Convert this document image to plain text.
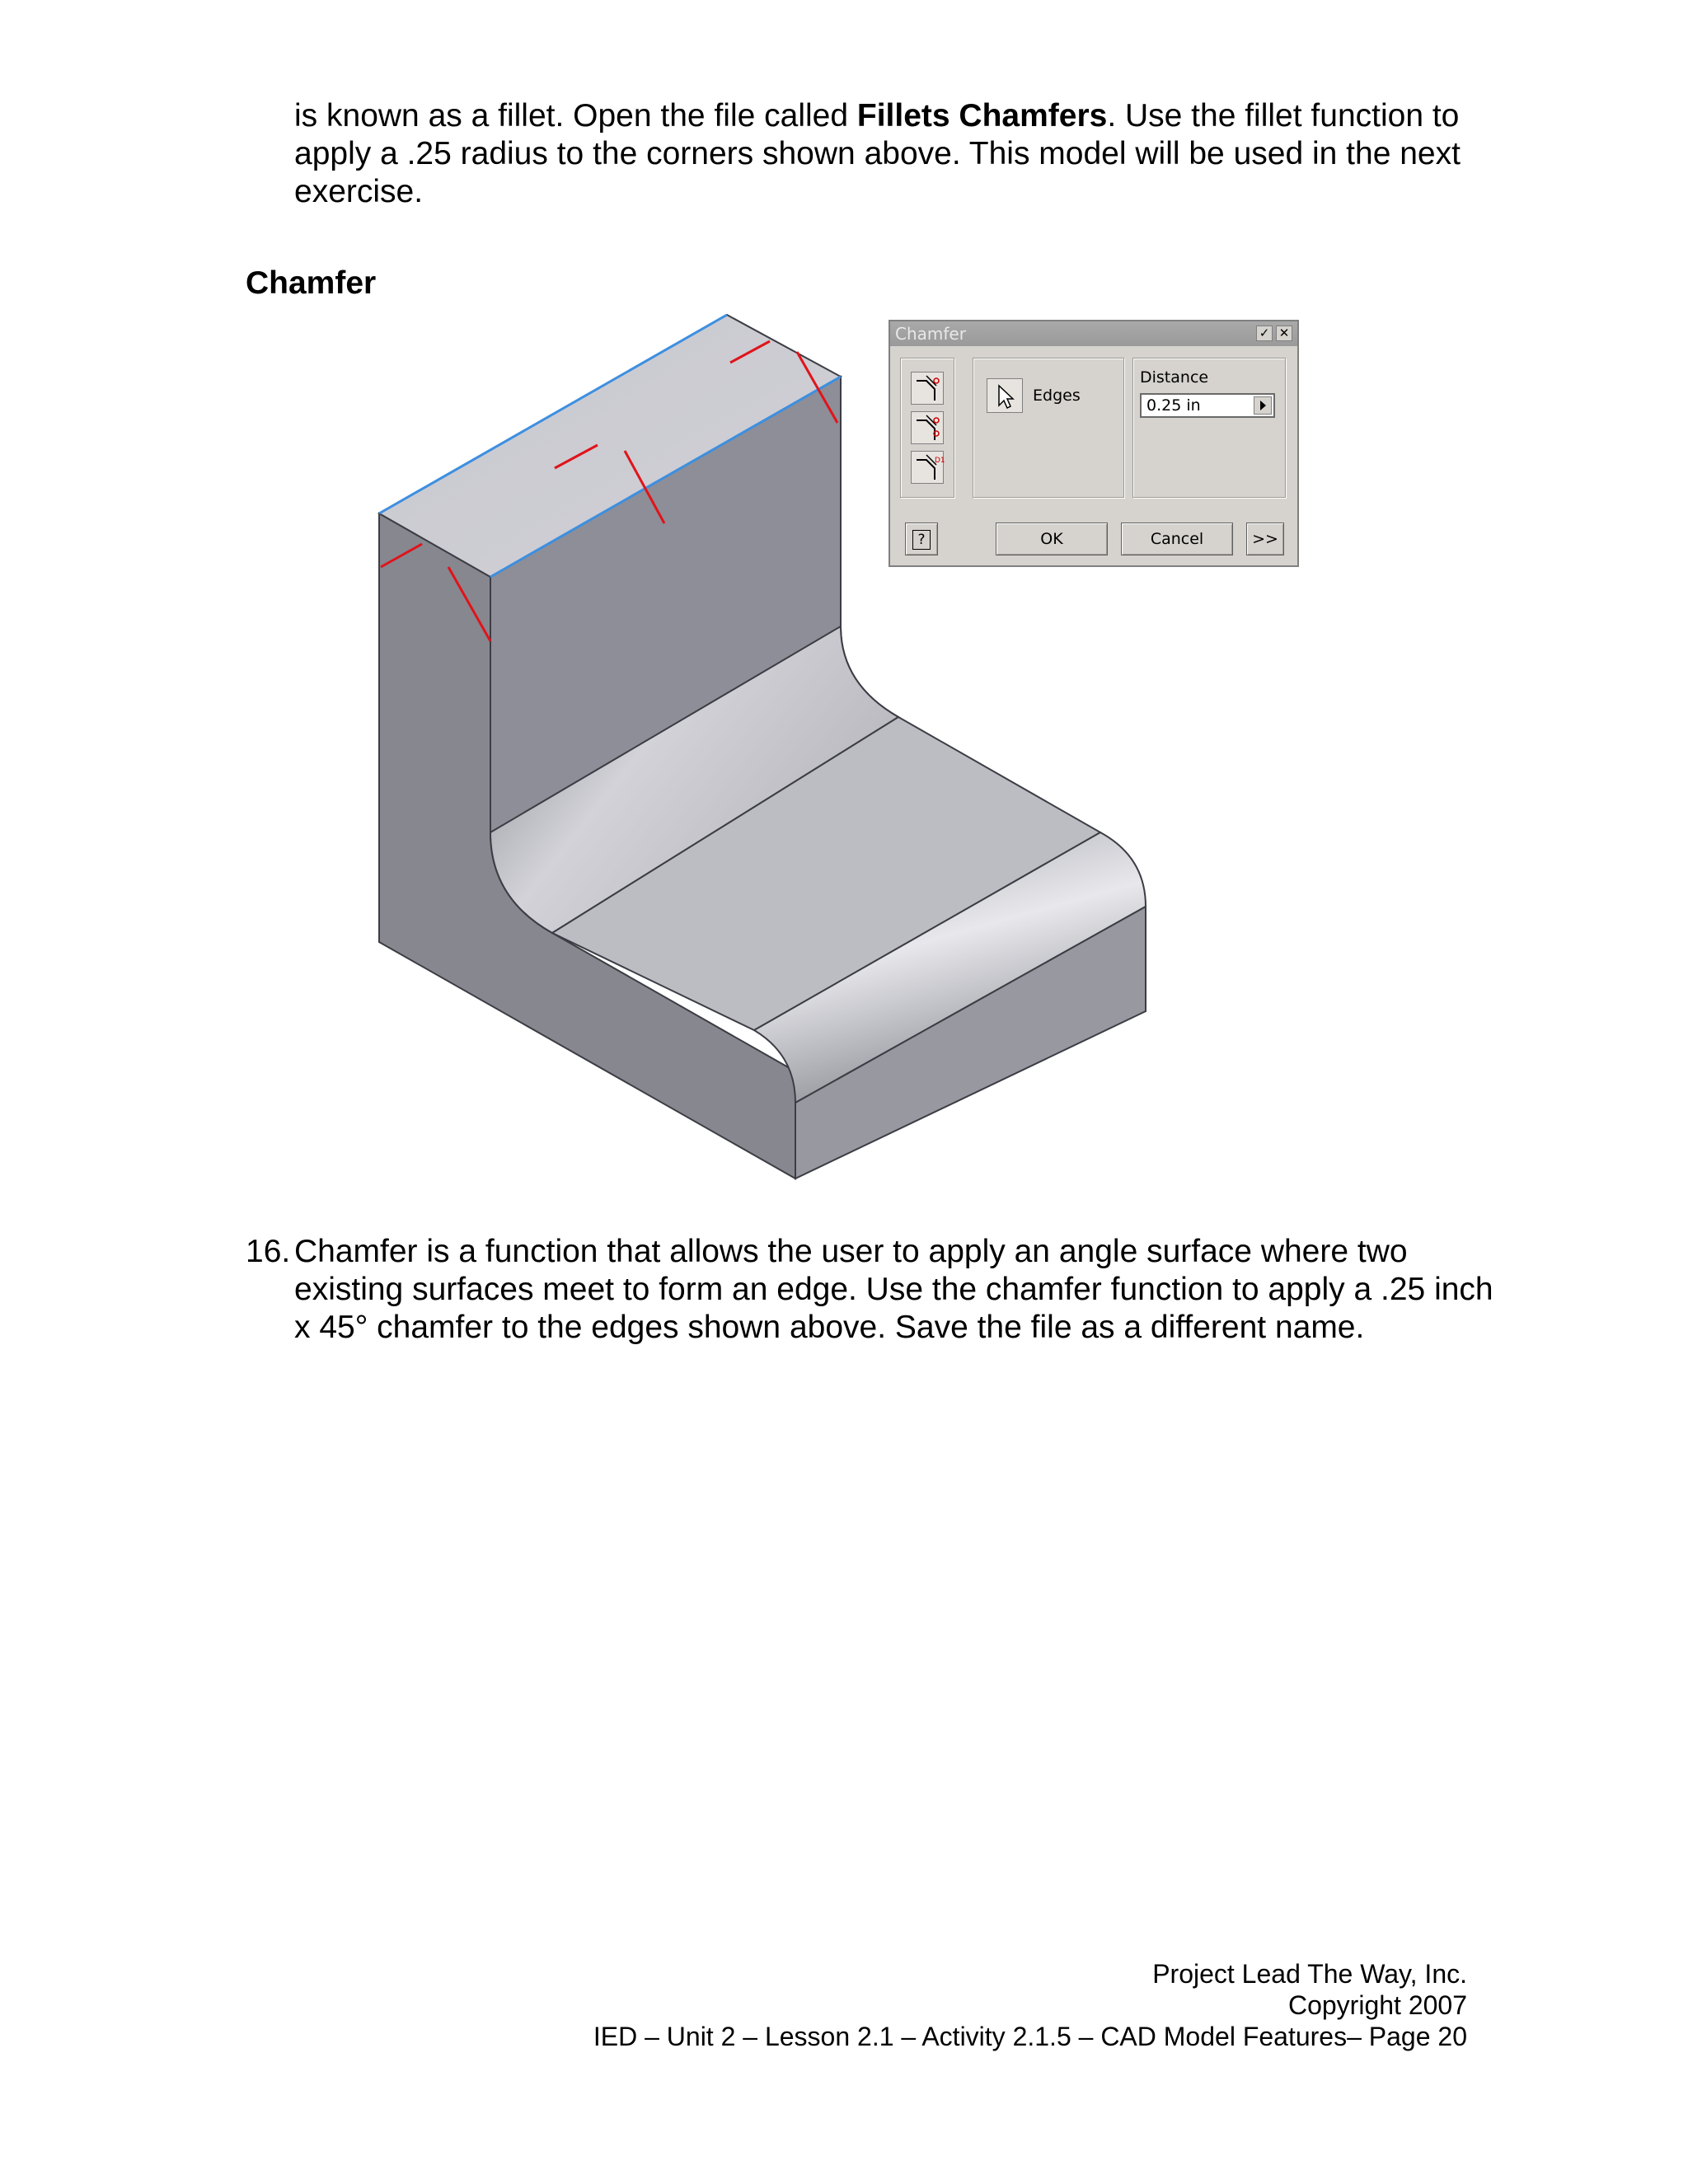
is known as a fillet. Open the file called Fillets Chamfers. Use the fillet function to apply a .25 radius to the corners shown above. This model will be used in the next exercise.

Chamfer
Chamfer	✓ ✕
D1
Edges
Distance
0.25 in
?	OK	Cancel	>>
16. Chamfer is a function that allows the user to apply an angle surface where two existing surfaces meet to form an edge. Use the chamfer function to apply a .25 inch x 45° chamfer to the edges shown above. Save the file as a different name.
Project Lead The Way, Inc.
Copyright 2007
IED – Unit 2 – Lesson 2.1 – Activity 2.1.5 – CAD Model Features– Page 20
